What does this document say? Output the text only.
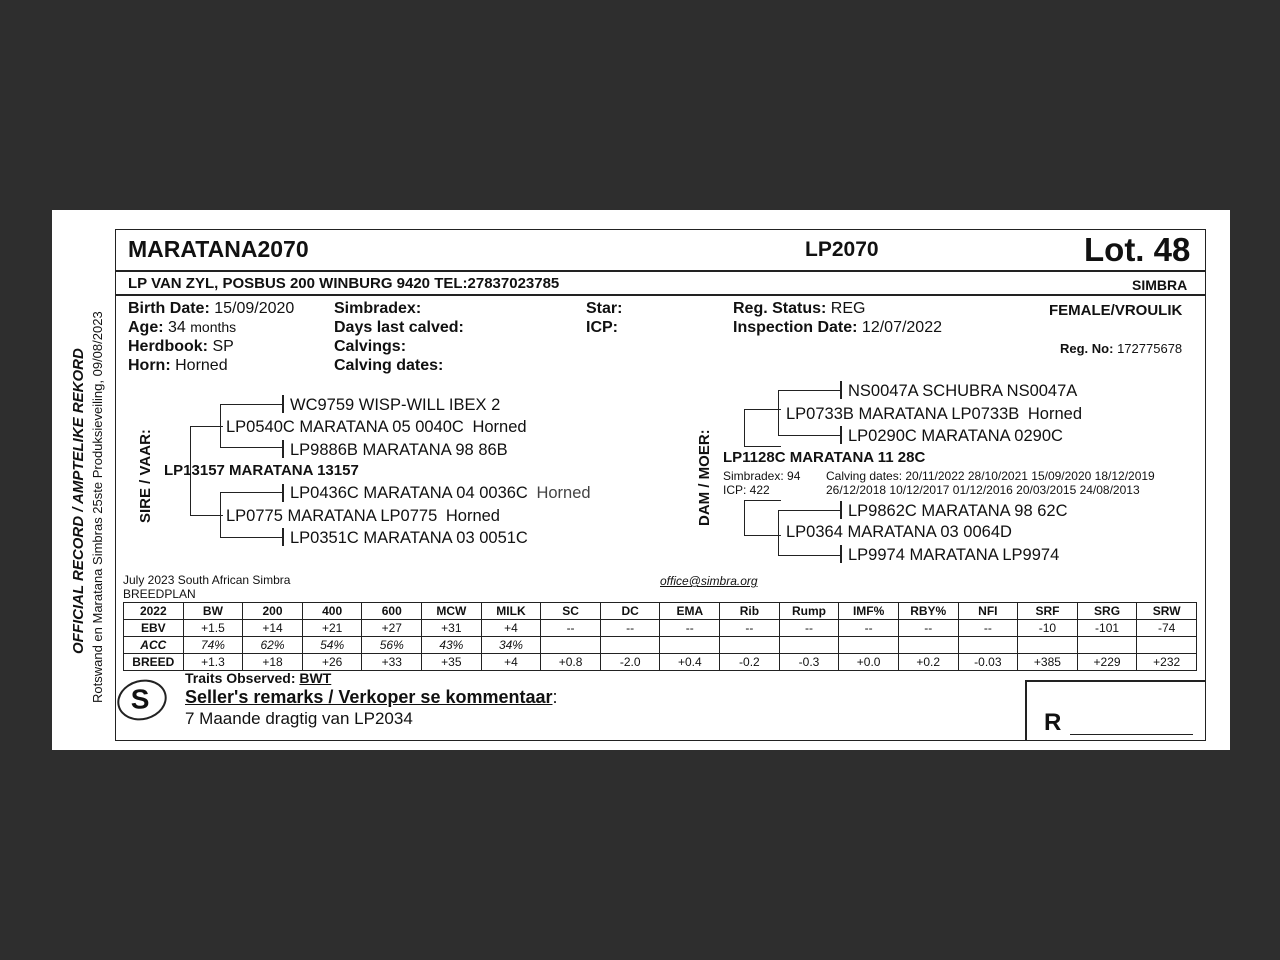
OFFICIAL RECORD / AMPTELIKE REKORD Rotswand en Maratana Simbras 25ste Produksieveiling, 09/08/2023
MARATANA2070	LP2070	Lot. 48
LP VAN ZYL, POSBUS 200 WINBURG 9420 TEL:27837023785	SIMBRA
Birth Date: 15/09/2020
Age: 34 months
Herdbook: SP
Horn: Horned
Simbradex:
Days last calved:
Calvings:
Calving dates:
Star:
ICP:
Reg. Status: REG
Inspection Date: 12/07/2022
FEMALE/VROULIK
Reg. No: 172775678
SIRE / VAAR:
WC9759 WISP-WILL IBEX 2
LP0540C MARATANA 05 0040C Horned
LP9886B MARATANA 98 86B
LP13157 MARATANA 13157
LP0436C MARATANA 04 0036C Horned
LP0775 MARATANA LP0775 Horned
LP0351C MARATANA 03 0051C
DAM / MOER:
NS0047A SCHUBRA NS0047A
LP0733B MARATANA LP0733B Horned
LP0290C MARATANA 0290C
LP1128C MARATANA 11 28C
Simbradex: 94
ICP: 422
Calving dates: 20/11/2022 28/10/2021 15/09/2020 18/12/2019
26/12/2018 10/12/2017 01/12/2016 20/03/2015 24/08/2013
LP9862C MARATANA 98 62C
LP0364 MARATANA 03 0064D
LP9974 MARATANA LP9974
July 2023 South African Simbra
BREEDPLAN
office@simbra.org
2022	BW	200	400	600	MCW	MILK	SC	DC	EMA	Rib	Rump	IMF%	RBY%	NFI	SRF	SRG	SRW
EBV	+1.5	+14	+21	+27	+31	+4	--	--	--	--	--	--	--	--	-10	-101	-74
ACC	74%	62%	54%	56%	43%	34%											
BREED	+1.3	+18	+26	+33	+35	+4	+0.8	-2.0	+0.4	-0.2	-0.3	+0.0	+0.2	-0.03	+385	+229	+232
S
Traits Observed: BWT
Seller's remarks / Verkoper se kommentaar:
7 Maande dragtig van LP2034	R
